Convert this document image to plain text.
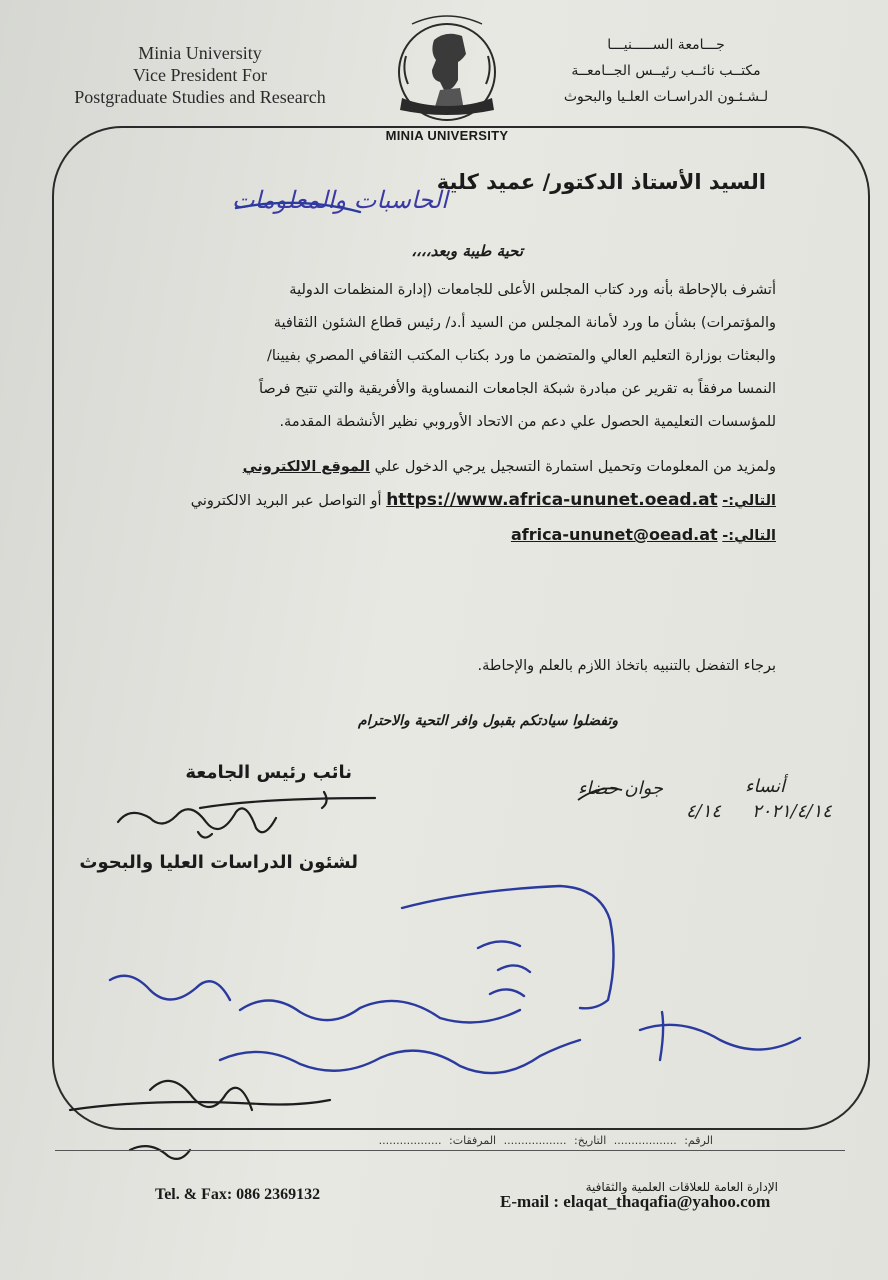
Minia University
Vice President For
Postgraduate Studies and Research
MINIA UNIVERSITY
جـــامعة الســـــنيـــا
مكتــب نائــب رئيــس الجــامعــة
لـشـئـون الدراسـات العلـيا والبحوث
السيد الأستاذ الدكتور/ عميد كلية
الحاسبات والمعلومات
تحية طيبة وبعد،،،،
أتشرف بالإحاطة بأنه ورد كتاب المجلس الأعلى للجامعات (إدارة المنظمات الدولية
والمؤتمرات) بشأن ما ورد لأمانة المجلس من السيد أ.د/ رئيس قطاع الشئون الثقافية
والبعثات بوزارة التعليم العالي والمتضمن ما ورد بكتاب المكتب الثقافي المصري بفيينا/
النمسا مرفقاً به تقرير عن مبادرة شبكة الجامعات النمساوية والأفريقية والتي تتيح فرصاً
للمؤسسات التعليمية الحصول علي دعم من الاتحاد الأوروبي نظير الأنشطة المقدمة.
ولمزيد من المعلومات وتحميل استمارة التسجيل يرجي الدخول علي الموقع الالكتروني
التالي:- https://www.africa-ununet.oead.at أو التواصل عبر البريد الالكتروني
التالي:- africa-ununet@oead.at
برجاء التفضل بالتنبيه باتخاذ اللازم بالعلم والإحاطة.
وتفضلوا سيادتكم بقبول وافر التحية والاحترام
أنساء
٢٠٢١/٤/١٤
جوان حضاء
٤/١٤
نائب رئيس الجامعة
لشئون الدراسات العليا والبحوث
الرقم: .................. التاريخ: .................. المرفقات: ..................
Tel. & Fax: 086 2369132	الإدارة العامة للعلاقات العلمية والثقافية
E-mail : elaqat_thaqafia@yahoo.com
